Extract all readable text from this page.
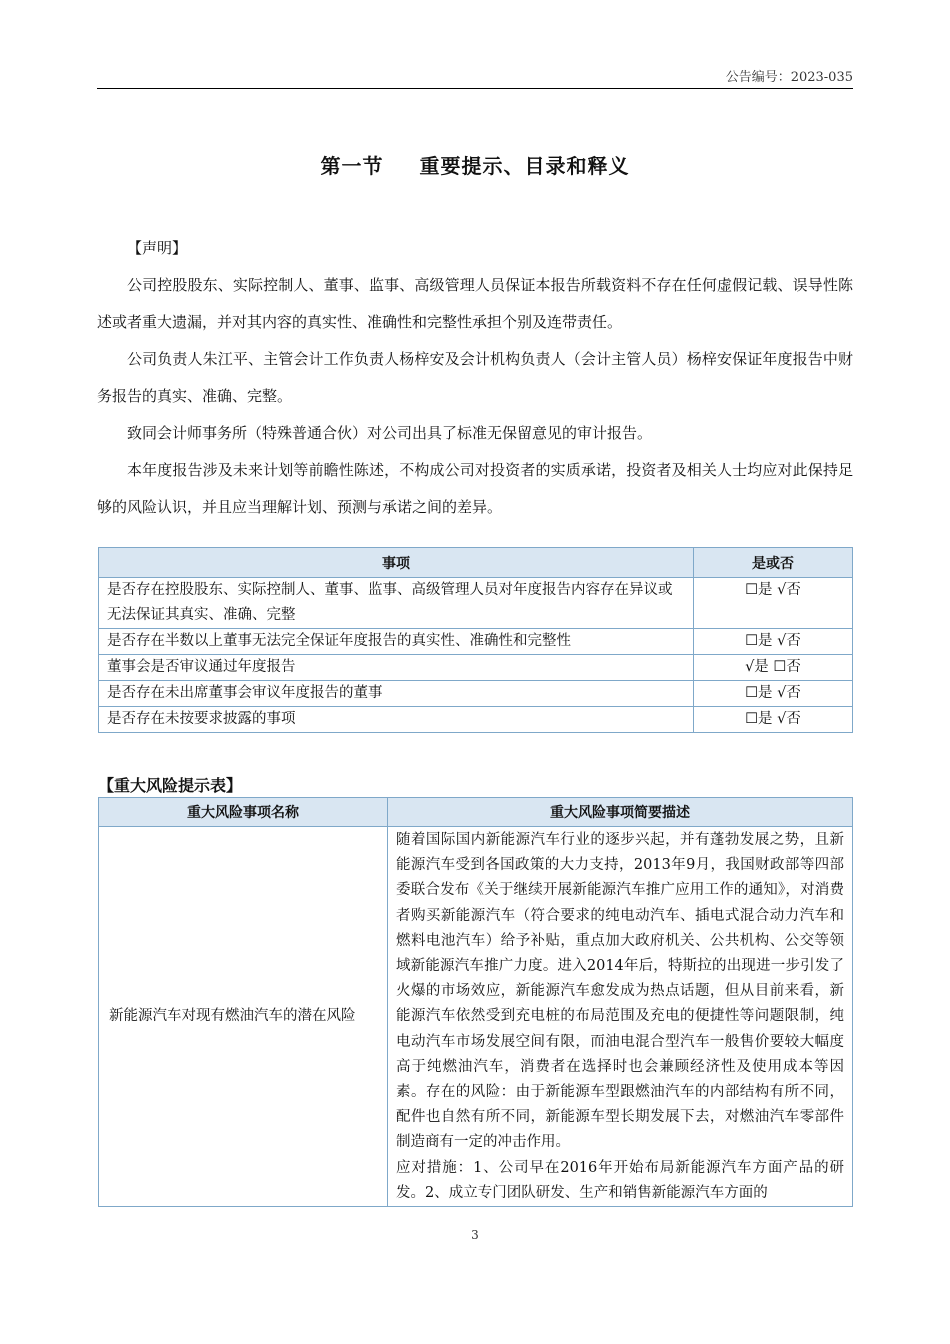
公告编号：2023-035
第一节 重要提示、目录和释义

【声明】

公司控股股东、实际控制人、董事、监事、高级管理人员保证本报告所载资料不存在任何虚假记载、误导性陈述或者重大遗漏，并对其内容的真实性、准确性和完整性承担个别及连带责任。

公司负责人朱江平、主管会计工作负责人杨梓安及会计机构负责人（会计主管人员）杨梓安保证年度报告中财务报告的真实、准确、完整。

致同会计师事务所（特殊普通合伙）对公司出具了标准无保留意见的审计报告。

本年度报告涉及未来计划等前瞻性陈述，不构成公司对投资者的实质承诺，投资者及相关人士均应对此保持足够的风险认识，并且应当理解计划、预测与承诺之间的差异。

事项	是或否
是否存在控股股东、实际控制人、董事、监事、高级管理人员对年度报告内容存在异议或无法保证其真实、准确、完整	☐是 √否
是否存在半数以上董事无法完全保证年度报告的真实性、准确性和完整性	☐是 √否
董事会是否审议通过年度报告	√是 ☐否
是否存在未出席董事会审议年度报告的董事	☐是 √否
是否存在未按要求披露的事项	☐是 √否
【重大风险提示表】
重大风险事项名称	重大风险事项简要描述
新能源汽车对现有燃油汽车的潜在风险	随着国际国内新能源汽车行业的逐步兴起，并有蓬勃发展之势，且新能源汽车受到各国政策的大力支持，2013年9月，我国财政部等四部委联合发布《关于继续开展新能源汽车推广应用工作的通知》，对消费者购买新能源汽车（符合要求的纯电动汽车、插电式混合动力汽车和燃料电池汽车）给予补贴，重点加大政府机关、公共机构、公交等领域新能源汽车推广力度。进入2014年后，特斯拉的出现进一步引发了火爆的市场效应，新能源汽车愈发成为热点话题，但从目前来看，新能源汽车依然受到充电桩的布局范围及充电的便捷性等问题限制，纯电动汽车市场发展空间有限，而油电混合型汽车一般售价要较大幅度高于纯燃油汽车，消费者在选择时也会兼顾经济性及使用成本等因素。存在的风险：由于新能源车型跟燃油汽车的内部结构有所不同，配件也自然有所不同，新能源车型长期发展下去，对燃油汽车零部件制造商有一定的冲击作用。
应对措施：1、公司早在2016年开始布局新能源汽车方面产品的研发。2、成立专门团队研发、生产和销售新能源汽车方面的
3
